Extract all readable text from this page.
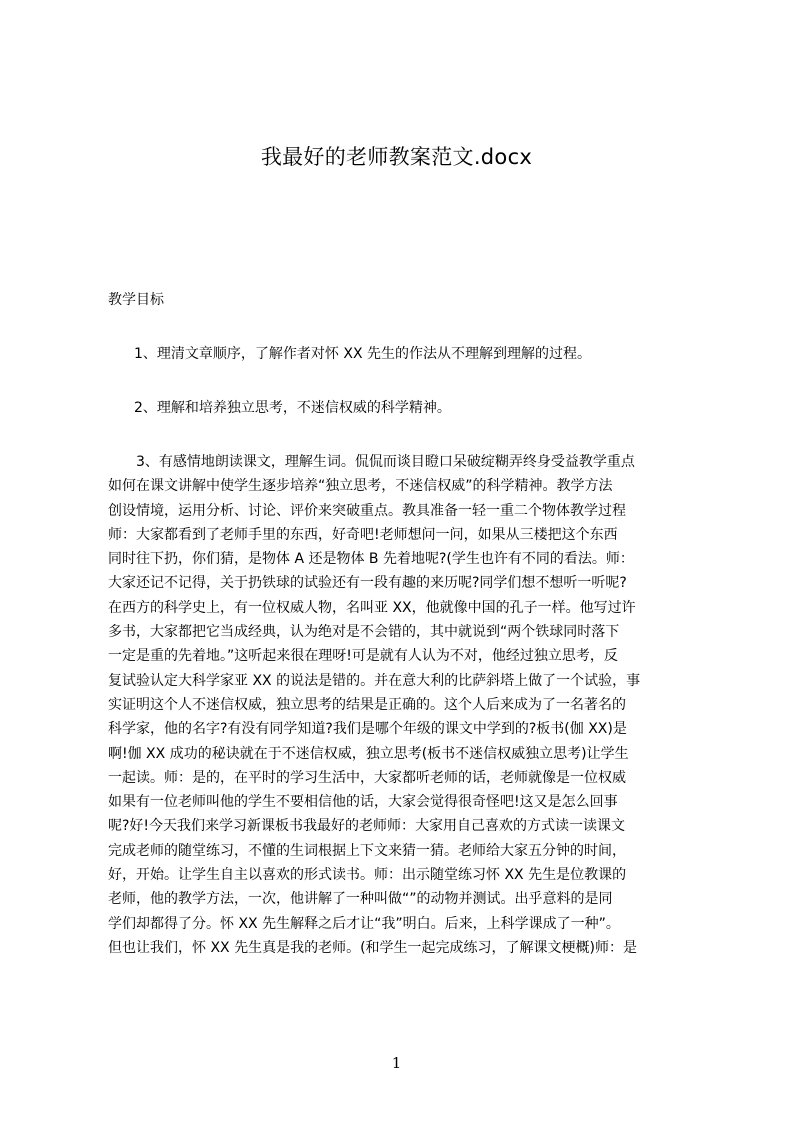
我最好的老师教案范文.docx
教学目标
1、理清文章顺序，了解作者对怀 XX 先生的作法从不理解到理解的过程。
2、理解和培养独立思考，不迷信权威的科学精神。
3、有感情地朗读课文，理解生词。侃侃而谈目瞪口呆破绽糊弄终身受益教学重点
如何在课文讲解中使学生逐步培养“独立思考，不迷信权威”的科学精神。教学方法
创设情境，运用分析、讨论、评价来突破重点。教具准备一轻一重二个物体教学过程
师：大家都看到了老师手里的东西，好奇吧!老师想问一问，如果从三楼把这个东西
同时往下扔，你们猜，是物体 A 还是物体 B 先着地呢?(学生也许有不同的看法。师：
大家还记不记得，关于扔铁球的试验还有一段有趣的来历呢?同学们想不想听一听呢?
在西方的科学史上，有一位权威人物，名叫亚 XX，他就像中国的孔子一样。他写过许
多书，大家都把它当成经典，认为绝对是不会错的，其中就说到“两个铁球同时落下
一定是重的先着地。”这听起来很在理呀!可是就有人认为不对，他经过独立思考，反
复试验认定大科学家亚 XX 的说法是错的。并在意大利的比萨斜塔上做了一个试验，事
实证明这个人不迷信权威，独立思考的结果是正确的。这个人后来成为了一名著名的
科学家，他的名字?有没有同学知道?我们是哪个年级的课文中学到的?板书(伽 XX)是
啊!伽 XX 成功的秘诀就在于不迷信权威，独立思考(板书不迷信权威独立思考)让学生
一起读。师：是的，在平时的学习生活中，大家都听老师的话，老师就像是一位权威
如果有一位老师叫他的学生不要相信他的话，大家会觉得很奇怪吧!这又是怎么回事
呢?好!今天我们来学习新课板书我最好的老师师：大家用自己喜欢的方式读一读课文
完成老师的随堂练习，不懂的生词根据上下文来猜一猜。老师给大家五分钟的时间，
好，开始。让学生自主以喜欢的形式读书。师：出示随堂练习怀 XX 先生是位教课的
老师，他的教学方法，一次，他讲解了一种叫做“”的动物并测试。出乎意料的是同
学们却都得了分。怀 XX 先生解释之后才让“我”明白。后来，上科学课成了一种”。
但也让我们，怀 XX 先生真是我的老师。(和学生一起完成练习，了解课文梗概)师：是
1
